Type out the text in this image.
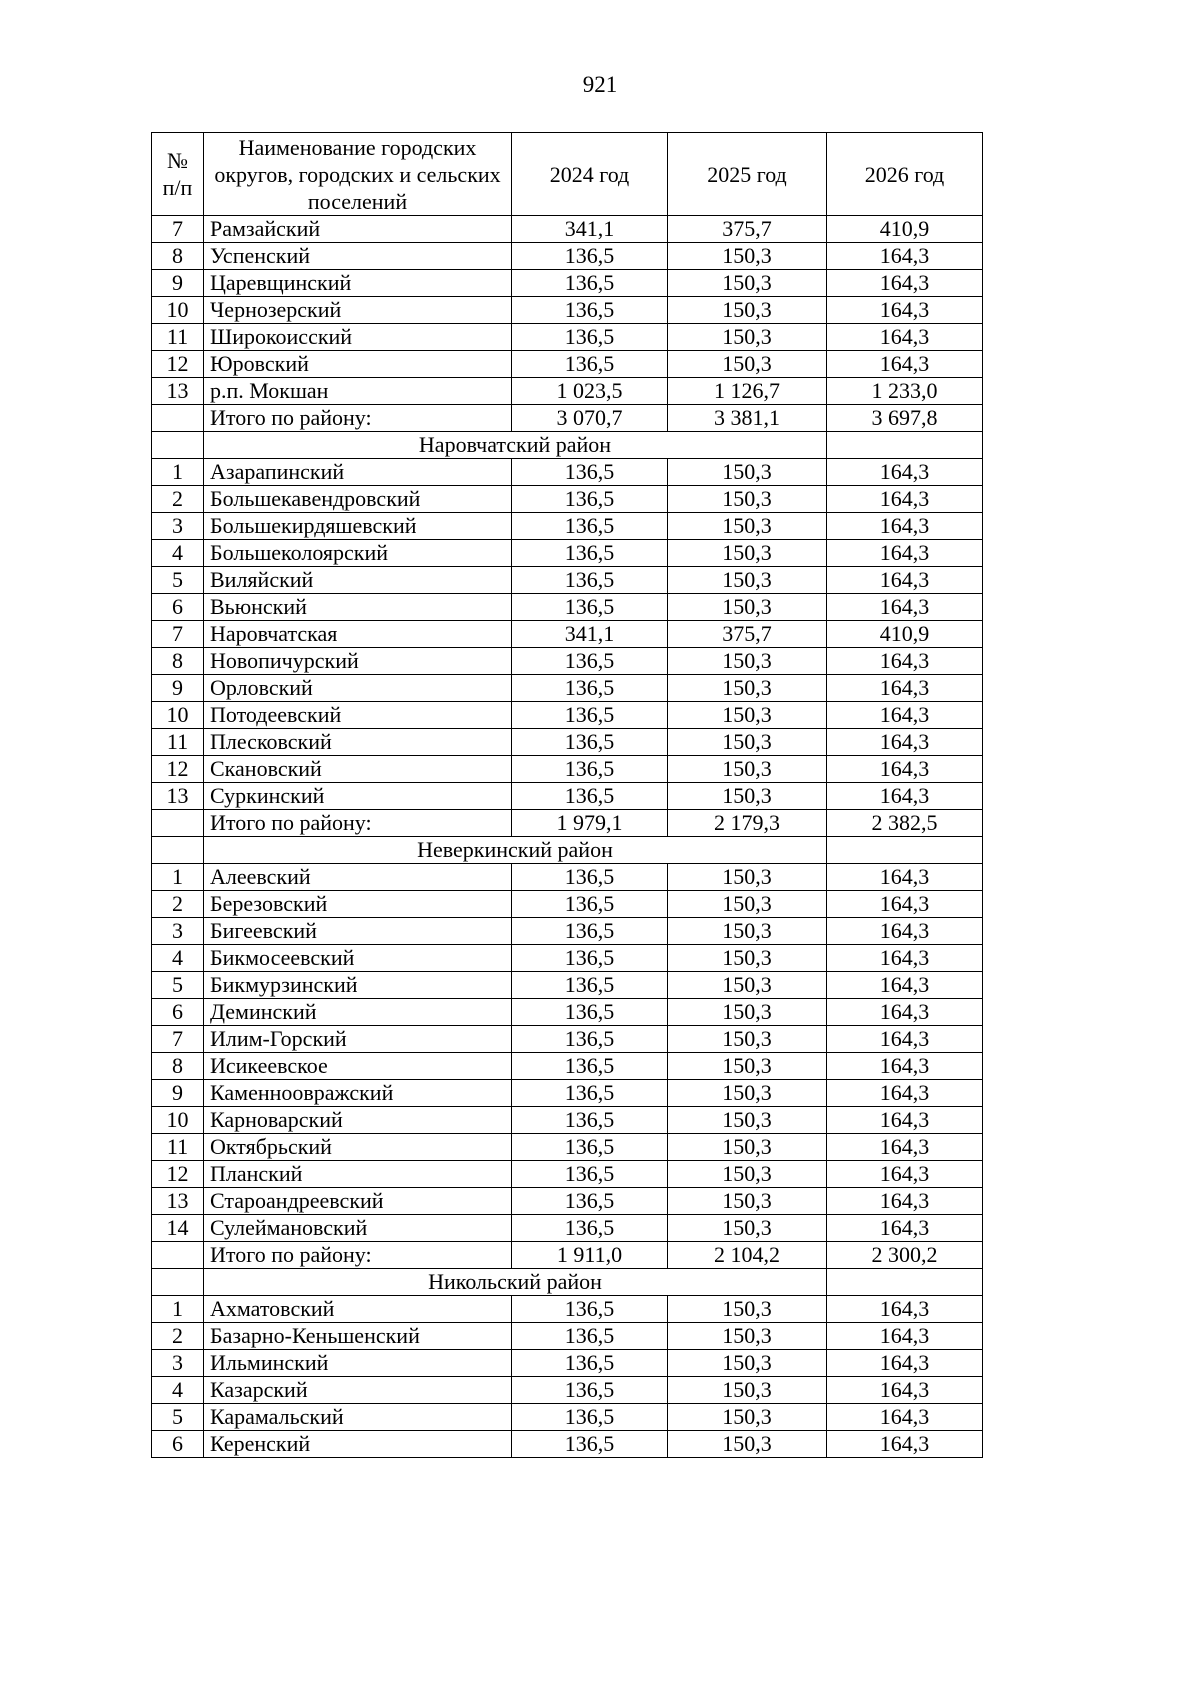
921
№ п/п	Наименование городских округов, городских и сельских поселений	2024 год	2025 год	2026 год
7	Рамзайский	341,1	375,7	410,9
8	Успенский	136,5	150,3	164,3
9	Царевщинский	136,5	150,3	164,3
10	Чернозерский	136,5	150,3	164,3
11	Широкоисский	136,5	150,3	164,3
12	Юровский	136,5	150,3	164,3
13	р.п. Мокшан	1 023,5	1 126,7	1 233,0
	Итого по району:	3 070,7	3 381,1	3 697,8
	Наровчатский район			
1	Азарапинский	136,5	150,3	164,3
2	Большекавендровский	136,5	150,3	164,3
3	Большекирдяшевский	136,5	150,3	164,3
4	Большеколоярский	136,5	150,3	164,3
5	Виляйский	136,5	150,3	164,3
6	Вьюнский	136,5	150,3	164,3
7	Наровчатская	341,1	375,7	410,9
8	Новопичурский	136,5	150,3	164,3
9	Орловский	136,5	150,3	164,3
10	Потодеевский	136,5	150,3	164,3
11	Плесковский	136,5	150,3	164,3
12	Скановский	136,5	150,3	164,3
13	Суркинский	136,5	150,3	164,3
	Итого по району:	1 979,1	2 179,3	2 382,5
	Неверкинский район			
1	Алеевский	136,5	150,3	164,3
2	Березовский	136,5	150,3	164,3
3	Бигеевский	136,5	150,3	164,3
4	Бикмосеевский	136,5	150,3	164,3
5	Бикмурзинский	136,5	150,3	164,3
6	Деминский	136,5	150,3	164,3
7	Илим-Горский	136,5	150,3	164,3
8	Исикеевское	136,5	150,3	164,3
9	Каменноовражский	136,5	150,3	164,3
10	Карноварский	136,5	150,3	164,3
11	Октябрьский	136,5	150,3	164,3
12	Планский	136,5	150,3	164,3
13	Староандреевский	136,5	150,3	164,3
14	Сулеймановский	136,5	150,3	164,3
	Итого по району:	1 911,0	2 104,2	2 300,2
	Никольский район			
1	Ахматовский	136,5	150,3	164,3
2	Базарно-Кеньшенский	136,5	150,3	164,3
3	Ильминский	136,5	150,3	164,3
4	Казарский	136,5	150,3	164,3
5	Карамальский	136,5	150,3	164,3
6	Керенский	136,5	150,3	164,3
